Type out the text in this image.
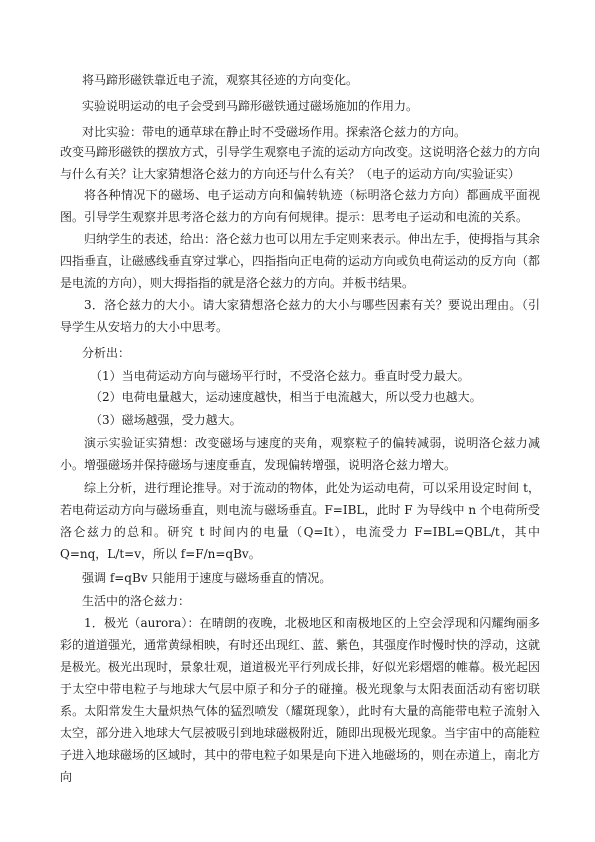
将马蹄形磁铁靠近电子流，观察其径迹的方向变化。

实验说明运动的电子会受到马蹄形磁铁通过磁场施加的作用力。

对比实验：带电的通草球在静止时不受磁场作用。探索洛仑兹力的方向。

改变马蹄形磁铁的摆放方式，引导学生观察电子流的运动方向改变。这说明洛仑兹力的方向与什么有关？让大家猜想洛仑兹力的方向还与什么有关？（电子的运动方向/实验证实）

将各种情况下的磁场、电子运动方向和偏转轨迹（标明洛仑兹力方向）都画成平面视图。引导学生观察并思考洛仑兹力的方向有何规律。提示：思考电子运动和电流的关系。

归纳学生的表述，给出：洛仑兹力也可以用左手定则来表示。伸出左手，使拇指与其余四指垂直，让磁感线垂直穿过掌心，四指指向正电荷的运动方向或负电荷运动的反方向（都是电流的方向），则大拇指指的就是洛仑兹力的方向。并板书结果。

3．洛仑兹力的大小。请大家猜想洛仑兹力的大小与哪些因素有关？要说出理由。（引导学生从安培力的大小中思考。

分析出：

（1）当电荷运动方向与磁场平行时，不受洛仑兹力。垂直时受力最大。

（2）电荷电量越大，运动速度越快，相当于电流越大，所以受力也越大。

（3）磁场越强，受力越大。

演示实验证实猜想：改变磁场与速度的夹角，观察粒子的偏转减弱，说明洛仑兹力减小。增强磁场并保持磁场与速度垂直，发现偏转增强，说明洛仑兹力增大。

综上分析，进行理论推导。对于流动的物体，此处为运动电荷，可以采用设定时间 t，若电荷运动方向与磁场垂直，则电流与磁场垂直。F=IBL，此时 F 为导线中 n 个电荷所受洛仑兹力的总和。研究 t 时间内的电量（Q=It），电流受力 F=IBL=QBL/t，其中 Q=nq，L/t=v，所以 f=F/n=qBv。

强调 f=qBv 只能用于速度与磁场垂直的情况。

生活中的洛仑兹力：

1．极光（aurora）：在晴朗的夜晚，北极地区和南极地区的上空会浮现和闪耀绚丽多彩的道道强光，通常黄绿相映，有时还出现红、蓝、紫色，其强度作时慢时快的浮动，这就是极光。极光出现时，景象壮观，道道极光平行列成长排，好似光彩熠熠的帷幕。极光起因于太空中带电粒子与地球大气层中原子和分子的碰撞。极光现象与太阳表面活动有密切联系。太阳常发生大量炽热气体的猛烈喷发（耀斑现象），此时有大量的高能带电粒子流射入太空，部分进入地球大气层被吸引到地球磁极附近，随即出现极光现象。当宇宙中的高能粒子进入地球磁场的区域时，其中的带电粒子如果是向下进入地磁场的，则在赤道上，南北方向
